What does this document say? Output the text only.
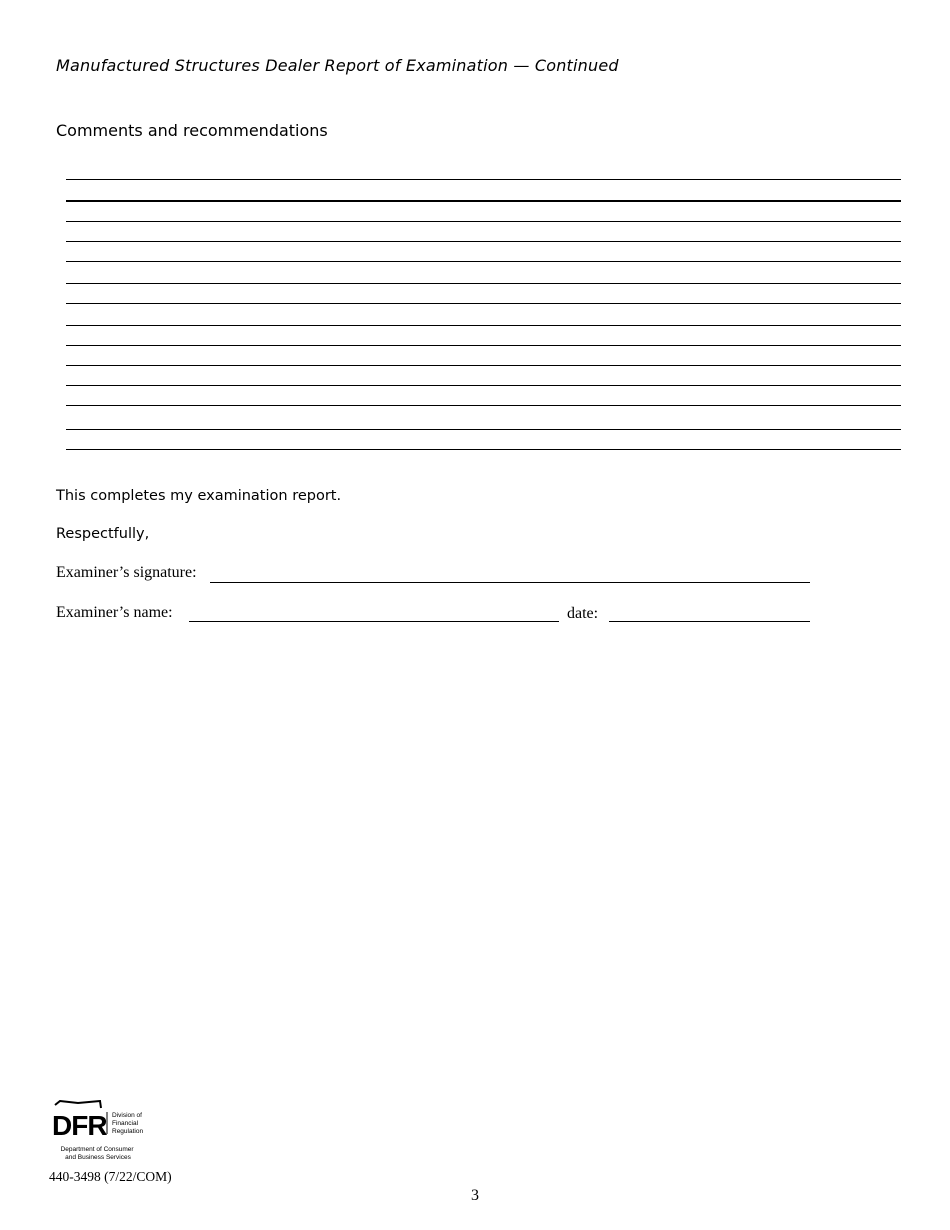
Manufactured Structures Dealer Report of Examination — Continued
Comments and recommendations
This completes my examination report.
Respectfully,
Examiner’s signature:
Examiner’s name:	date:
DFR Division of Financial Regulation
Department of Consumer and Business Services
440-3498 (7/22/COM)
3
